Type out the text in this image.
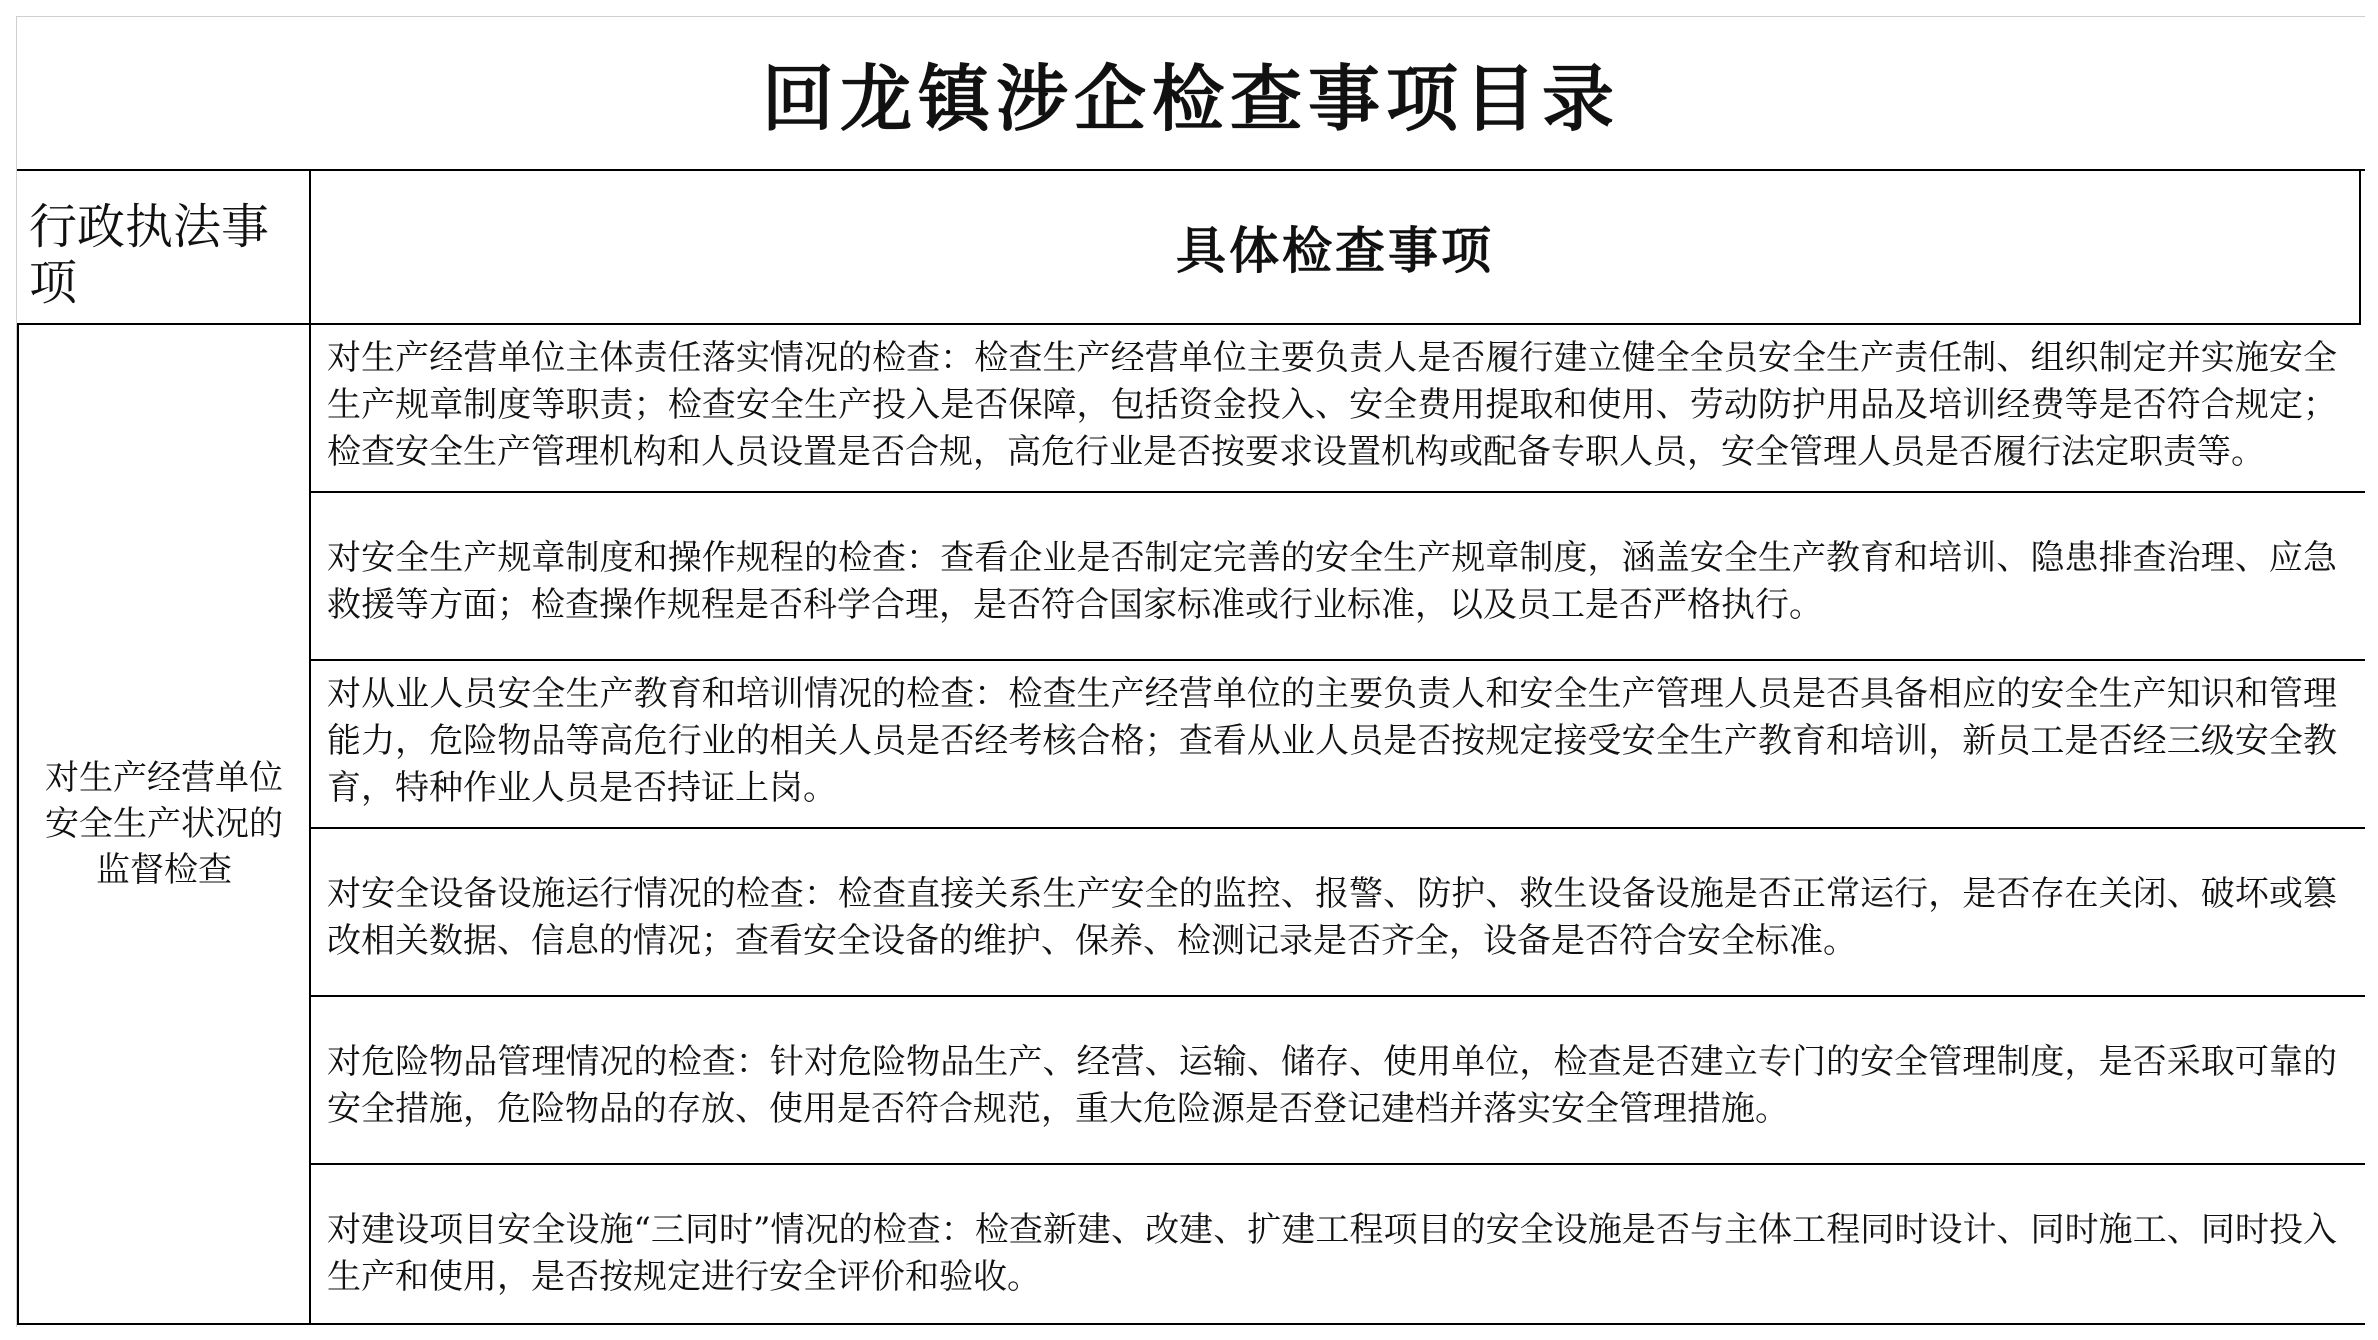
回龙镇涉企检查事项目录
行政执法事项
具体检查事项
对生产经营单位安全生产状况的监督检查
对生产经营单位主体责任落实情况的检查：检查生产经营单位主要负责人是否履行建立健全全员安全生产责任制、组织制定并实施安全生产规章制度等职责；检查安全生产投入是否保障，包括资金投入、安全费用提取和使用、劳动防护用品及培训经费等是否符合规定；检查安全生产管理机构和人员设置是否合规，高危行业是否按要求设置机构或配备专职人员，安全管理人员是否履行法定职责等。
对安全生产规章制度和操作规程的检查：查看企业是否制定完善的安全生产规章制度，涵盖安全生产教育和培训、隐患排查治理、应急救援等方面；检查操作规程是否科学合理，是否符合国家标准或行业标准，以及员工是否严格执行。
对从业人员安全生产教育和培训情况的检查：检查生产经营单位的主要负责人和安全生产管理人员是否具备相应的安全生产知识和管理能力，危险物品等高危行业的相关人员是否经考核合格；查看从业人员是否按规定接受安全生产教育和培训，新员工是否经三级安全教育，特种作业人员是否持证上岗。
对安全设备设施运行情况的检查：检查直接关系生产安全的监控、报警、防护、救生设备设施是否正常运行，是否存在关闭、破坏或篡改相关数据、信息的情况；查看安全设备的维护、保养、检测记录是否齐全，设备是否符合安全标准。
对危险物品管理情况的检查：针对危险物品生产、经营、运输、储存、使用单位，检查是否建立专门的安全管理制度，是否采取可靠的安全措施，危险物品的存放、使用是否符合规范，重大危险源是否登记建档并落实安全管理措施。
对建设项目安全设施“三同时”情况的检查：检查新建、改建、扩建工程项目的安全设施是否与主体工程同时设计、同时施工、同时投入生产和使用，是否按规定进行安全评价和验收。
